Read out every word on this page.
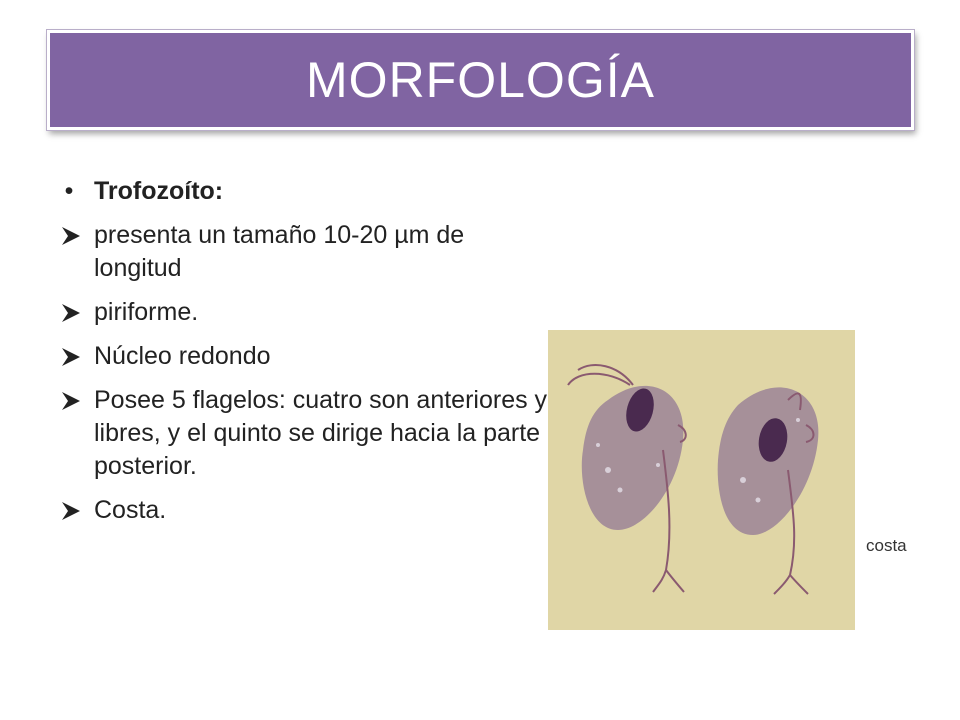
MORFOLOGÍA
• Trofozoíto:
presenta un tamaño 10-20 µm de longitud
piriforme.
Núcleo redondo
Posee 5 flagelos: cuatro son anteriores y libres, y el quinto se dirige hacia la parte posterior.
Costa.
costa
